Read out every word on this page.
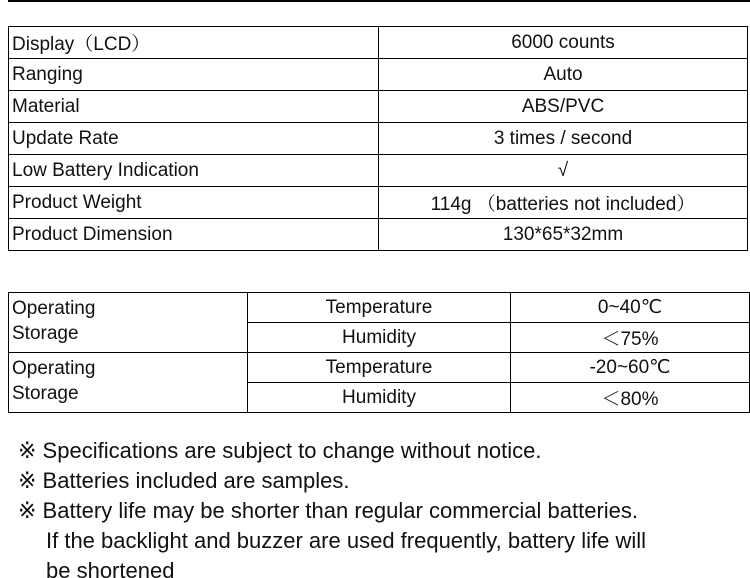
Display（LCD）	6000 counts
Ranging	Auto
Material	ABS/PVC
Update Rate	3 times / second
Low Battery Indication	√
Product Weight	114g （batteries not included）
Product Dimension	130*65*32mm
Operating
Storage	Temperature	0~40℃
	Humidity	＜75%
Operating
Storage	Temperature	-20~60℃
	Humidity	＜80%
※ Specifications are subject to change without notice.
※ Batteries included are samples.
※ Battery life may be shorter than regular commercial batteries.
If the backlight and buzzer are used frequently, battery life will
be shortened
